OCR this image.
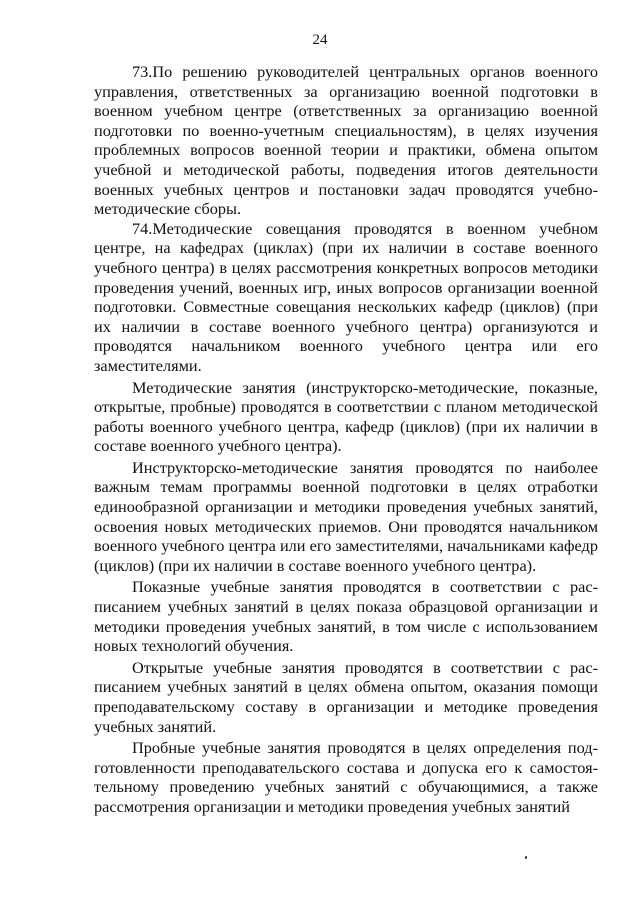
24

73.По решению руководителей центральных органов военного управления, ответственных за организацию военной подготовки в военном учебном центре (ответственных за организацию военной подготовки по военно-учетным специальностям), в целях изучения проблемных вопросов военной теории и практики, обмена опытом учебной и методической работы, подведения итогов деятельности военных учебных центров и постановки задач проводятся учебно-методические сборы.

74.Методические совещания проводятся в военном учебном центре, на кафедрах (циклах) (при их наличии в составе военного учебного центра) в целях рассмотрения конкретных вопросов методики проведения учений, военных игр, иных вопросов организации военной подготовки. Совместные совещания нескольких кафедр (циклов) (при их наличии в составе военного учебного центра) организуются и проводятся начальником военного учебного центра или его заместителями.

Методические занятия (инструкторско-методические, показные, открытые, пробные) проводятся в соответствии с планом методической работы военного учебного центра, кафедр (циклов) (при их наличии в составе военного учебного центра).

Инструкторско-методические занятия проводятся по наиболее важным темам программы военной подготовки в целях отработки единообразной организации и методики проведения учебных занятий, освоения новых методических приемов. Они проводятся начальником военного учебного центра или его заместителями, начальниками кафедр (циклов) (при их наличии в составе военного учебного центра).

Показные учебные занятия проводятся в соответствии с расписанием учебных занятий в целях показа образцовой организации и методики проведения учебных занятий, в том числе с использованием новых технологий обучения.

Открытые учебные занятия проводятся в соответствии с расписанием учебных занятий в целях обмена опытом, оказания помощи преподавательскому составу в организации и методике проведения учебных занятий.

Пробные учебные занятия проводятся в целях определения подготовленности преподавательского состава и допуска его к самостоятельному проведению учебных занятий с обучающимися, а также рассмотрения организации и методики проведения учебных занятий
